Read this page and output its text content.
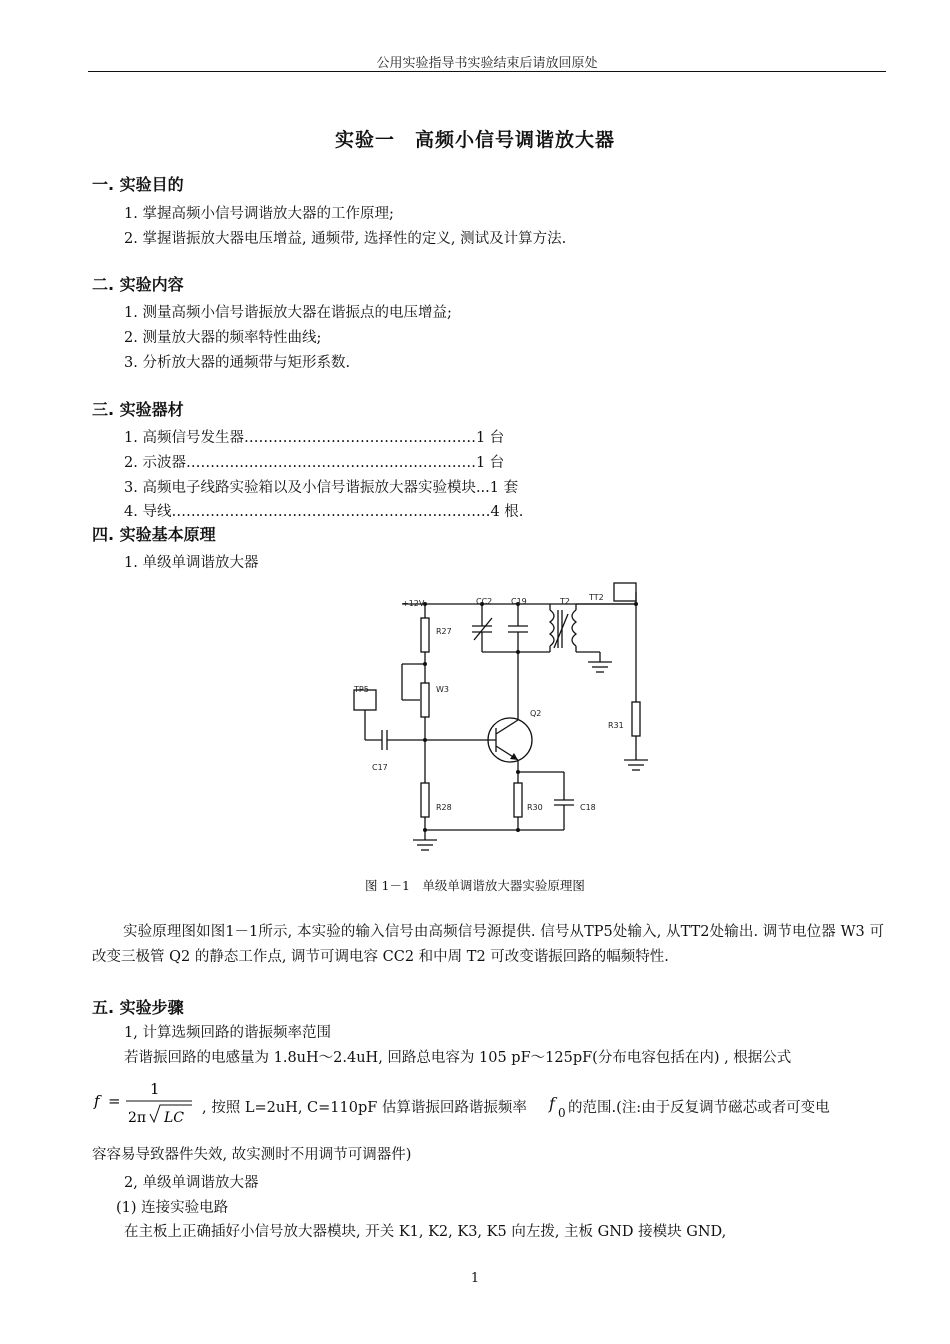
公用实验指导书实验结束后请放回原处
实验一　高频小信号调谐放大器
一. 实验目的
1. 掌握高频小信号调谐放大器的工作原理;
2. 掌握谐振放大器电压增益, 通频带, 选择性的定义, 测试及计算方法.
二. 实验内容
1. 测量高频小信号谐振放大器在谐振点的电压增益;
2. 测量放大器的频率特性曲线;
3. 分析放大器的通频带与矩形系数.
三. 实验器材
1. 高频信号发生器…………………………………………1 台
2. 示波器……………………………………………………1 台
3. 高频电子线路实验箱以及小信号谐振放大器实验模块...1 套
4. 导线…………………………………………………………4 根.
四. 实验基本原理
1. 单级单调谐放大器
+12V	CC2 C19	T2 TT2
R27
W3
TP5
Q2
R31
C17
R28	R30	C18
图 1－1　单级单调谐放大器实验原理图
实验原理图如图1－1所示, 本实验的输入信号由高频信号源提供. 信号从TP5处输入, 从TT2处输出. 调节电位器 W3 可改变三极管 Q2 的静态工作点, 调节可调电容 CC2 和中周 T2 可改变谐振回路的幅频特性.
五. 实验步骤
1, 计算选频回路的谐振频率范围
若谐振回路的电感量为 1.8uH～2.4uH, 回路总电容为 105 pF～125pF(分布电容包括在内) , 根据公式
f =
1
2π LC
, 按照 L=2uH, C=110pF 估算谐振回路谐振频率 f 0 的范围.(注:由于反复调节磁芯或者可变电
容容易导致器件失效, 故实测时不用调节可调器件)
2, 单级单调谐放大器
(1) 连接实验电路
在主板上正确插好小信号放大器模块, 开关 K1, K2, K3, K5 向左拨, 主板 GND 接模块 GND,
1
